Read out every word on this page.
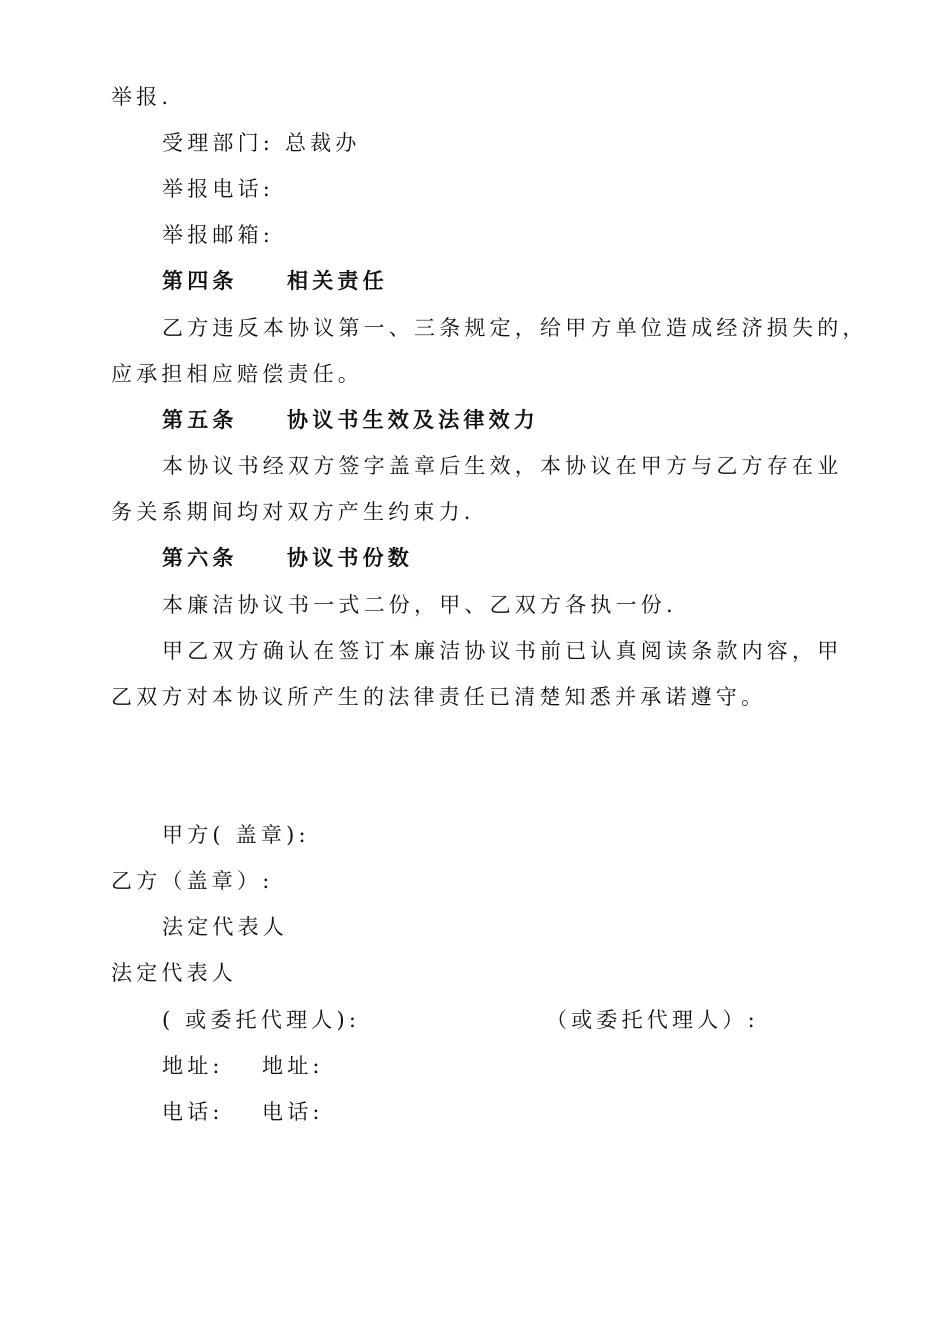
举报.
受理部门: 总裁办
举报电话:
举报邮箱:
第四条 相关责任
乙方违反本协议第一、三条规定，给甲方单位造成经济损失的，
应承担相应赔偿责任。
第五条 协议书生效及法律效力
本协议书经双方签字盖章后生效，本协议在甲方与乙方存在业
务关系期间均对双方产生约束力.
第六条 协议书份数
本廉洁协议书一式二份，甲、乙双方各执一份.
甲乙双方确认在签订本廉洁协议书前已认真阅读条款内容，甲
乙双方对本协议所产生的法律责任已清楚知悉并承诺遵守。
甲方( 盖章):
乙方（盖章）:
法定代表人
法定代表人
( 或委托代理人):	（或委托代理人）:
地址: 地址:
电话: 电话:
